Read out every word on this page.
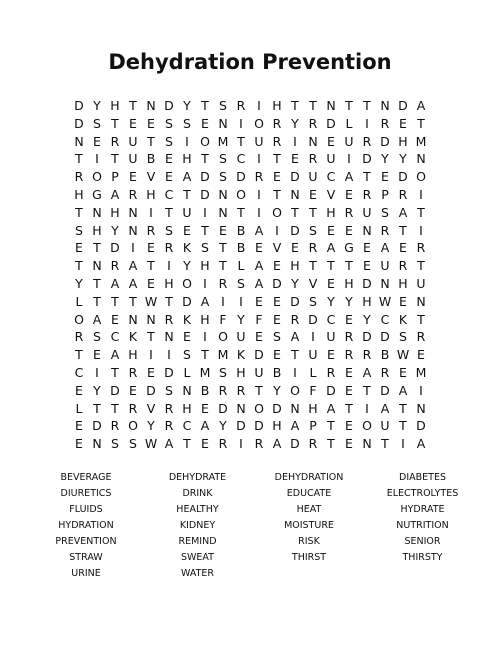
Dehydration Prevention
D Y H T N D Y T S R I H T T N T T N D A
D S T E E S S E N I O R Y R D L	I R E T
N E R U T S I O M T U R I N E U R D H M
T I T U B E H T S C I T E R U I D Y Y N
R O P E V E A D S D R E D U C A T E D O
H G A R H C T D N O I T N E V E R P R I
T N H N I T U I N T I O T T H R U S A T
S H Y N R S E T E B A I D S E E N R T I
E T D I E R K S T B E V E R A G E A E R
T N R A T I Y H T L A E H T T T E U R T
Y T A A E H O I R S A D Y V E H D N H U
L T T T W T D A I	I E E D S Y Y H W E N
O A E N N R K H F Y F E R D C E Y C K T
R S C K T N E I O U E S A I U R D D S R
T E A H I	I S T M K D E T U E R R B W E
C I T R E D L M S H U B I	L R E A R E M
E Y D E D S N B R R T Y O F D E T D A I
L T T R V R H E D N O D N H A T I A T N
E D R O Y R C A Y D D H A P T E O U T D
E N S S W A T E R I R A D R T E N T I A
BEVERAGE	DEHYDRATE	DEHYDRATION	DIABETES
DIURETICS	DRINK	EDUCATE	ELECTROLYTES
FLUIDS	HEALTHY	HEAT	HYDRATE
HYDRATION	KIDNEY	MOISTURE	NUTRITION
PREVENTION	REMIND	RISK	SENIOR
STRAW	SWEAT	THIRST	THIRSTY
URINE	WATER
